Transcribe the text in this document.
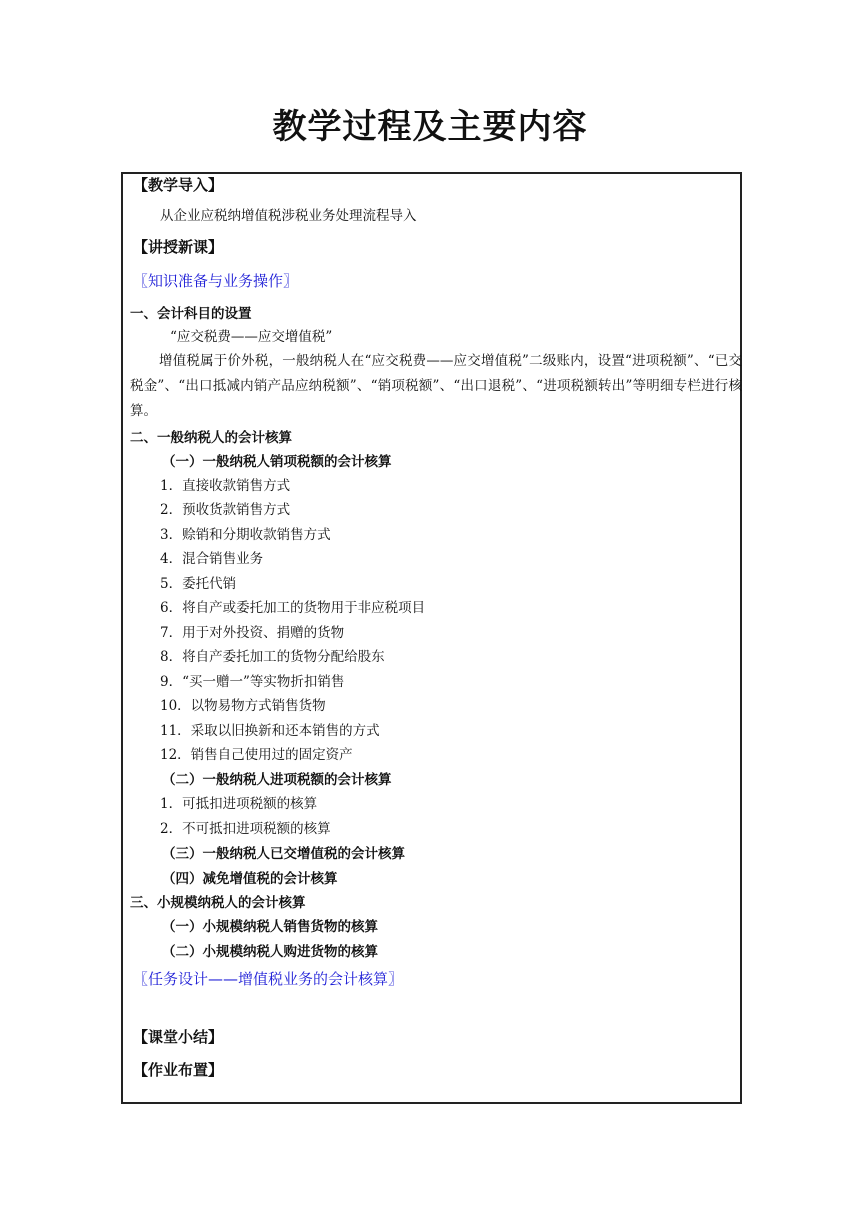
教学过程及主要内容
【教学导入】
从企业应税纳增值税涉税业务处理流程导入
【讲授新课】
〖知识准备与业务操作〗
一、会计科目的设置
“应交税费——应交增值税”
增值税属于价外税，一般纳税人在“应交税费——应交增值税”二级账内，设置“进项税额”、“已交税金”、“出口抵减内销产品应纳税额”、“销项税额”、“出口退税”、“进项税额转出”等明细专栏进行核算。
二、一般纳税人的会计核算
（一）一般纳税人销项税额的会计核算
1．直接收款销售方式
2．预收货款销售方式
3．赊销和分期收款销售方式
4．混合销售业务
5．委托代销
6．将自产或委托加工的货物用于非应税项目
7．用于对外投资、捐赠的货物
8．将自产委托加工的货物分配给股东
9．“买一赠一”等实物折扣销售
10．以物易物方式销售货物
11．采取以旧换新和还本销售的方式
12．销售自己使用过的固定资产
（二）一般纳税人进项税额的会计核算
1．可抵扣进项税额的核算
2．不可抵扣进项税额的核算
（三）一般纳税人已交增值税的会计核算
（四）减免增值税的会计核算
三、小规模纳税人的会计核算
（一）小规模纳税人销售货物的核算
（二）小规模纳税人购进货物的核算
〖任务设计——增值税业务的会计核算〗
【课堂小结】
【作业布置】
